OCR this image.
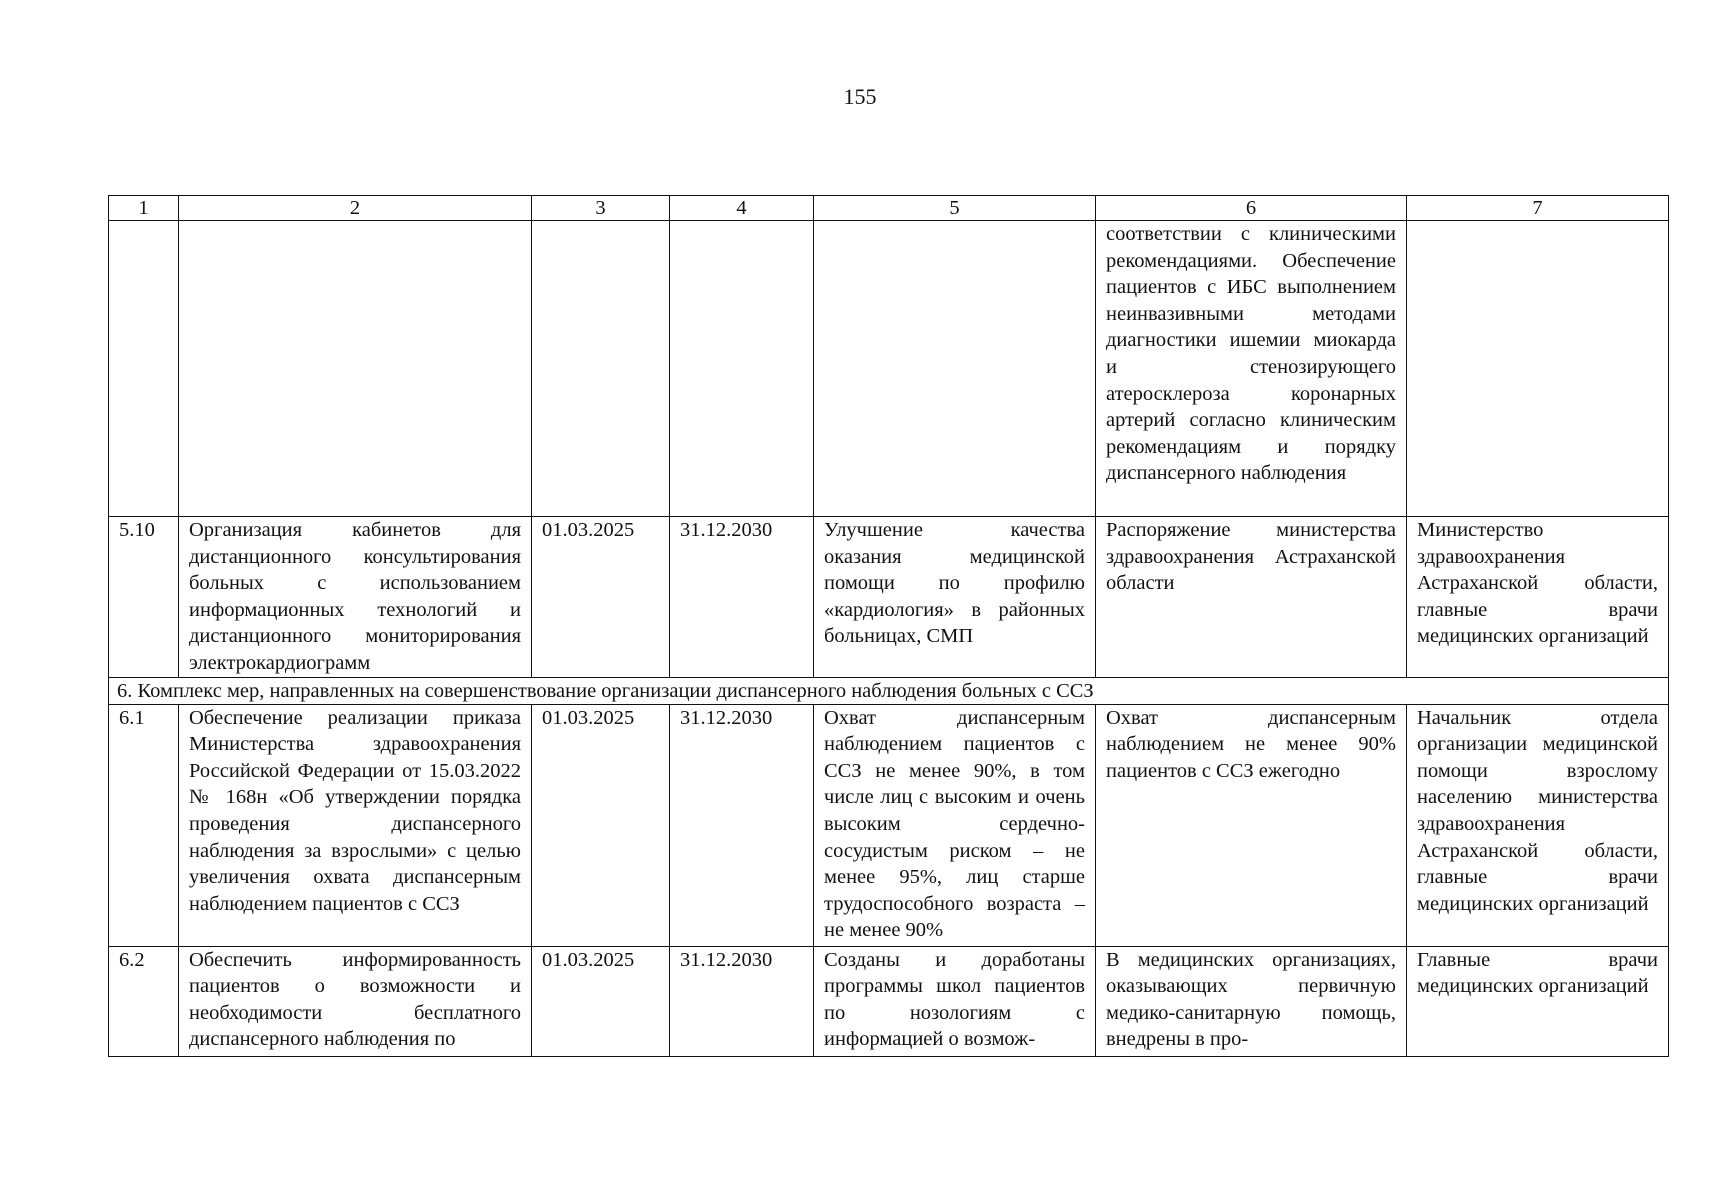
155
1	2	3	4	5	6	7
					соответствии с клиническими рекомендациями. Обеспечение пациентов с ИБС выполнением неинвазивными методами диагностики ишемии миокарда и стенозирующего атеросклероза коронарных артерий согласно клиническим рекомендациям и порядку диспансерного наблюдения	
5.10	Организация кабинетов для дистанционного консультирования больных с использованием информационных технологий и дистанционного мониторирования электрокардиограмм	01.03.2025	31.12.2030	Улучшение качества оказания медицинской помощи по профилю «кардиология» в районных больницах, СМП	Распоряжение министерства здравоохранения Астраханской области	Министерство здравоохранения Астраханской области, главные врачи медицинских организаций
6. Комплекс мер, направленных на совершенствование организации диспансерного наблюдения больных с ССЗ						
6.1	Обеспечение реализации приказа Министерства здравоохранения Российской Федерации от 15.03.2022 № 168н «Об утверждении порядка проведения диспансерного наблюдения за взрослыми» с целью увеличения охвата диспансерным наблюдением пациентов с ССЗ	01.03.2025	31.12.2030	Охват диспансерным наблюдением пациентов с ССЗ не менее 90%, в том числе лиц с высоким и очень высоким сердечно-сосудистым риском – не менее 95%, лиц старше трудоспособного возраста – не менее 90%	Охват диспансерным наблюдением не менее 90% пациентов с ССЗ ежегодно	Начальник отдела организации медицинской помощи взрослому населению министерства здравоохранения Астраханской области, главные врачи медицинских организаций
6.2	Обеспечить информированность пациентов о возможности и необходимости бесплатного диспансерного наблюдения по	01.03.2025	31.12.2030	Созданы и доработаны программы школ пациентов по нозологиям с информацией о возмож-	В медицинских организациях, оказывающих первичную медико-санитарную помощь, внедрены в про-	Главные врачи медицинских организаций
